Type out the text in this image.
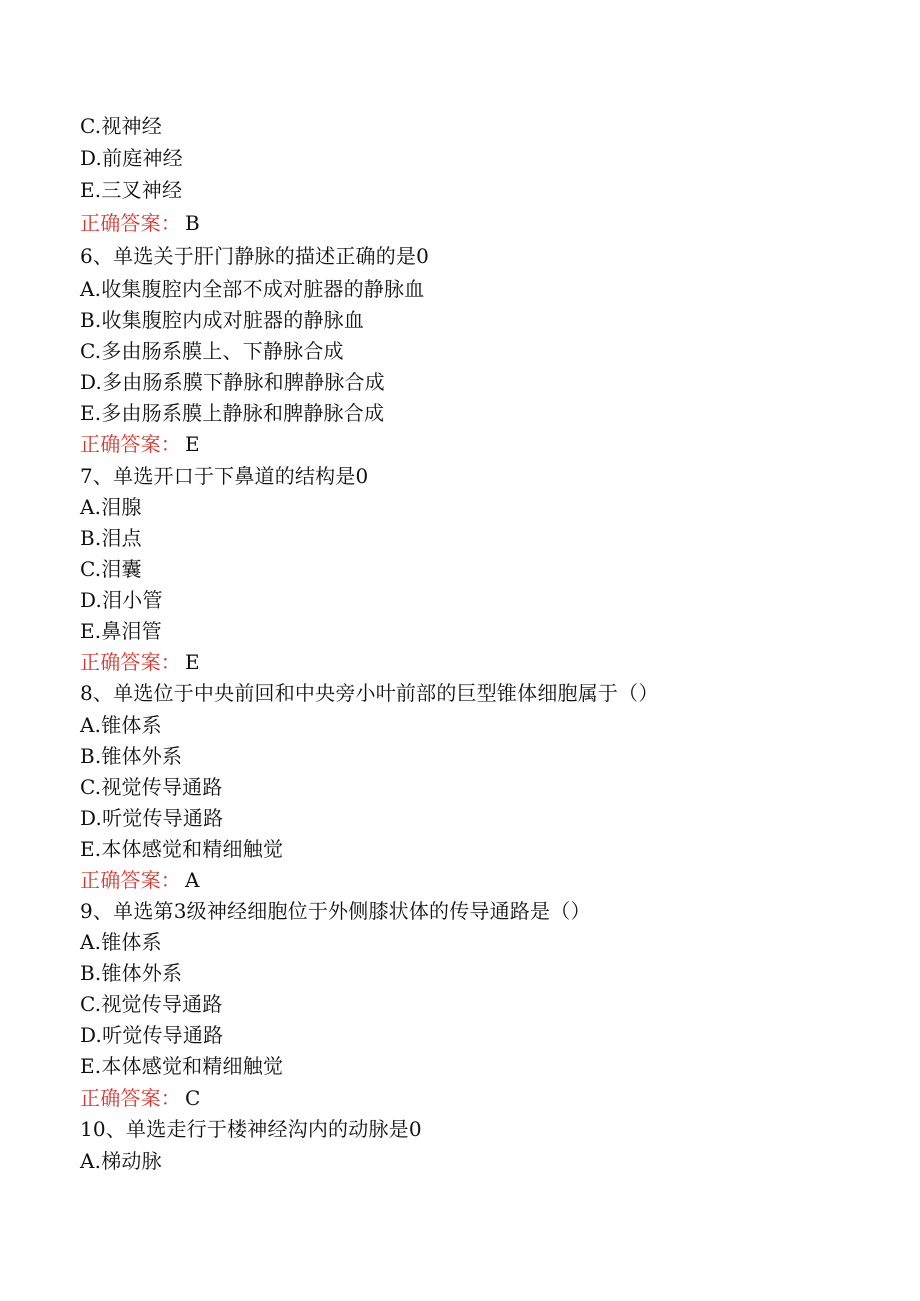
C.视神经
D.前庭神经
E.三叉神经
正确答案： B
6、单选关于肝门静脉的描述正确的是0
A.收集腹腔内全部不成对脏器的静脉血
B.收集腹腔内成对脏器的静脉血
C.多由肠系膜上、下静脉合成
D.多由肠系膜下静脉和脾静脉合成
E.多由肠系膜上静脉和脾静脉合成
正确答案： E
7、单选开口于下鼻道的结构是0
A.泪腺
B.泪点
C.泪囊
D.泪小管
E.鼻泪管
正确答案： E
8、单选位于中央前回和中央旁小叶前部的巨型锥体细胞属于（）
A.锥体系
B.锥体外系
C.视觉传导通路
D.听觉传导通路
E.本体感觉和精细触觉
正确答案： A
9、单选第3级神经细胞位于外侧膝状体的传导通路是（）
A.锥体系
B.锥体外系
C.视觉传导通路
D.听觉传导通路
E.本体感觉和精细触觉
正确答案： C
10、单选走行于楼神经沟内的动脉是0
A.梯动脉
